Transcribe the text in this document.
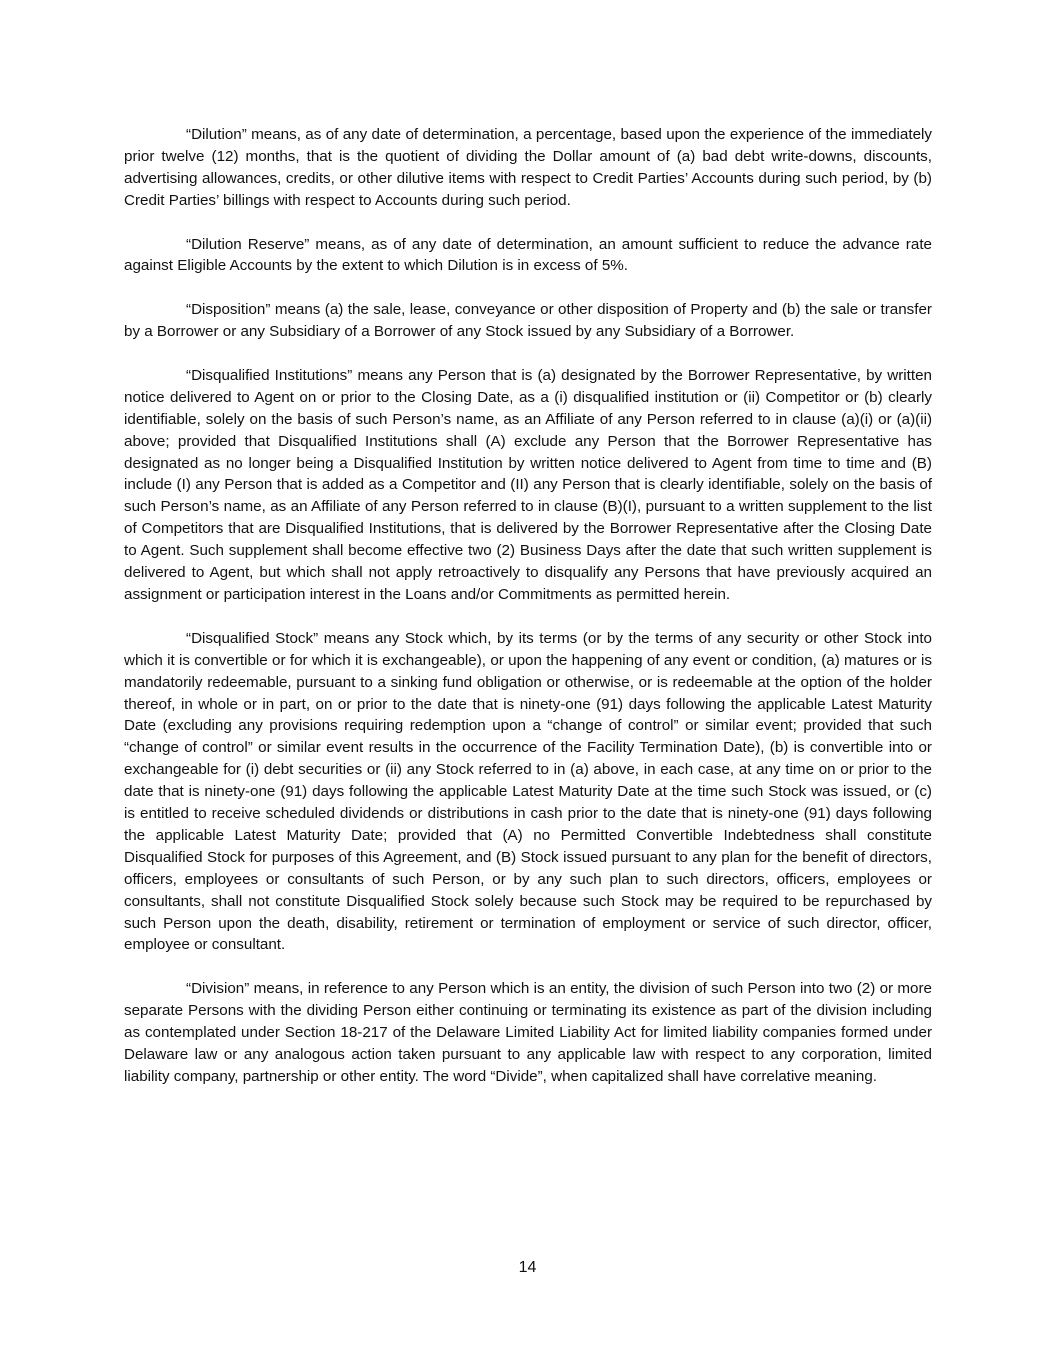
“Dilution” means, as of any date of determination, a percentage, based upon the experience of the immediately prior twelve (12) months, that is the quotient of dividing the Dollar amount of (a) bad debt write-downs, discounts, advertising allowances, credits, or other dilutive items with respect to Credit Parties’ Accounts during such period, by (b) Credit Parties’ billings with respect to Accounts during such period.

“Dilution Reserve” means, as of any date of determination, an amount sufficient to reduce the advance rate against Eligible Accounts by the extent to which Dilution is in excess of 5%.

“Disposition” means (a) the sale, lease, conveyance or other disposition of Property and (b) the sale or transfer by a Borrower or any Subsidiary of a Borrower of any Stock issued by any Subsidiary of a Borrower.

“Disqualified Institutions” means any Person that is (a) designated by the Borrower Representative, by written notice delivered to Agent on or prior to the Closing Date, as a (i) disqualified institution or (ii) Competitor or (b) clearly identifiable, solely on the basis of such Person’s name, as an Affiliate of any Person referred to in clause (a)(i) or (a)(ii) above; provided that Disqualified Institutions shall (A) exclude any Person that the Borrower Representative has designated as no longer being a Disqualified Institution by written notice delivered to Agent from time to time and (B) include (I) any Person that is added as a Competitor and (II) any Person that is clearly identifiable, solely on the basis of such Person’s name, as an Affiliate of any Person referred to in clause (B)(I), pursuant to a written supplement to the list of Competitors that are Disqualified Institutions, that is delivered by the Borrower Representative after the Closing Date to Agent. Such supplement shall become effective two (2) Business Days after the date that such written supplement is delivered to Agent, but which shall not apply retroactively to disqualify any Persons that have previously acquired an assignment or participation interest in the Loans and/or Commitments as permitted herein.

“Disqualified Stock” means any Stock which, by its terms (or by the terms of any security or other Stock into which it is convertible or for which it is exchangeable), or upon the happening of any event or condition, (a) matures or is mandatorily redeemable, pursuant to a sinking fund obligation or otherwise, or is redeemable at the option of the holder thereof, in whole or in part, on or prior to the date that is ninety-one (91) days following the applicable Latest Maturity Date (excluding any provisions requiring redemption upon a “change of control” or similar event; provided that such “change of control” or similar event results in the occurrence of the Facility Termination Date), (b) is convertible into or exchangeable for (i) debt securities or (ii) any Stock referred to in (a) above, in each case, at any time on or prior to the date that is ninety-one (91) days following the applicable Latest Maturity Date at the time such Stock was issued, or (c) is entitled to receive scheduled dividends or distributions in cash prior to the date that is ninety-one (91) days following the applicable Latest Maturity Date; provided that (A) no Permitted Convertible Indebtedness shall constitute Disqualified Stock for purposes of this Agreement, and (B) Stock issued pursuant to any plan for the benefit of directors, officers, employees or consultants of such Person, or by any such plan to such directors, officers, employees or consultants, shall not constitute Disqualified Stock solely because such Stock may be required to be repurchased by such Person upon the death, disability, retirement or termination of employment or service of such director, officer, employee or consultant.

“Division” means, in reference to any Person which is an entity, the division of such Person into two (2) or more separate Persons with the dividing Person either continuing or terminating its existence as part of the division including as contemplated under Section 18-217 of the Delaware Limited Liability Act for limited liability companies formed under Delaware law or any analogous action taken pursuant to any applicable law with respect to any corporation, limited liability company, partnership or other entity. The word “Divide”, when capitalized shall have correlative meaning.

14
